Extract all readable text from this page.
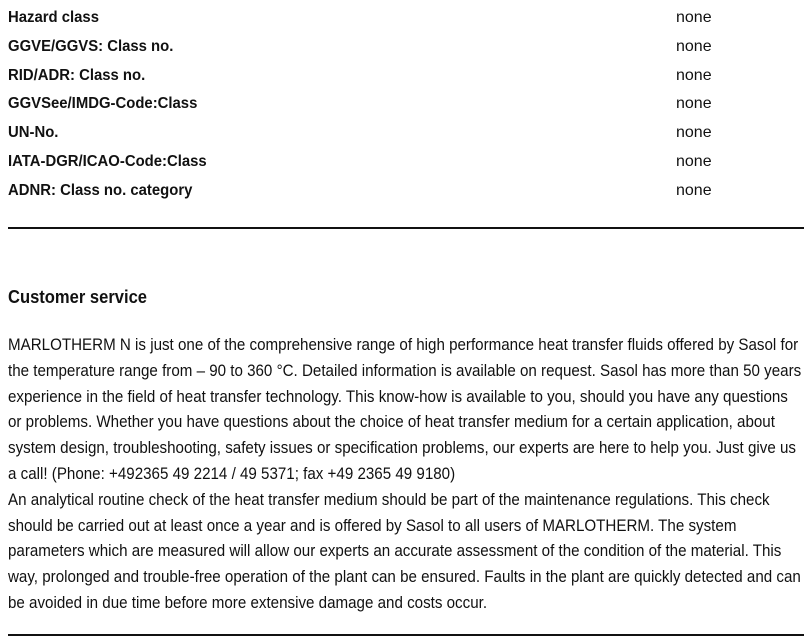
Hazard class	none
GGVE/GGVS: Class no.	none
RID/ADR: Class no.	none
GGVSee/IMDG-Code:Class	none
UN-No.	none
IATA-DGR/ICAO-Code:Class	none
ADNR: Class no. category	none
Customer service

MARLOTHERM N is just one of the comprehensive range of high performance heat transfer fluids offered by Sasol for the temperature range from – 90 to 360 °C. Detailed information is available on request. Sasol has more than 50 years experience in the field of heat transfer technology. This know-how is available to you, should you have any questions or problems. Whether you have questions about the choice of heat transfer medium for a certain application, about system design, troubleshooting, safety issues or specification problems, our experts are here to help you. Just give us a call! (Phone: +492365 49 2214 / 49 5371; fax +49 2365 49 9180)

An analytical routine check of the heat transfer medium should be part of the maintenance regulations. This check should be carried out at least once a year and is offered by Sasol to all users of MARLOTHERM. The system parameters which are measured will allow our experts an accurate assessment of the condition of the material. This way, prolonged and trouble-free operation of the plant can be ensured. Faults in the plant are quickly detected and can be avoided in due time before more extensive damage and costs occur.
